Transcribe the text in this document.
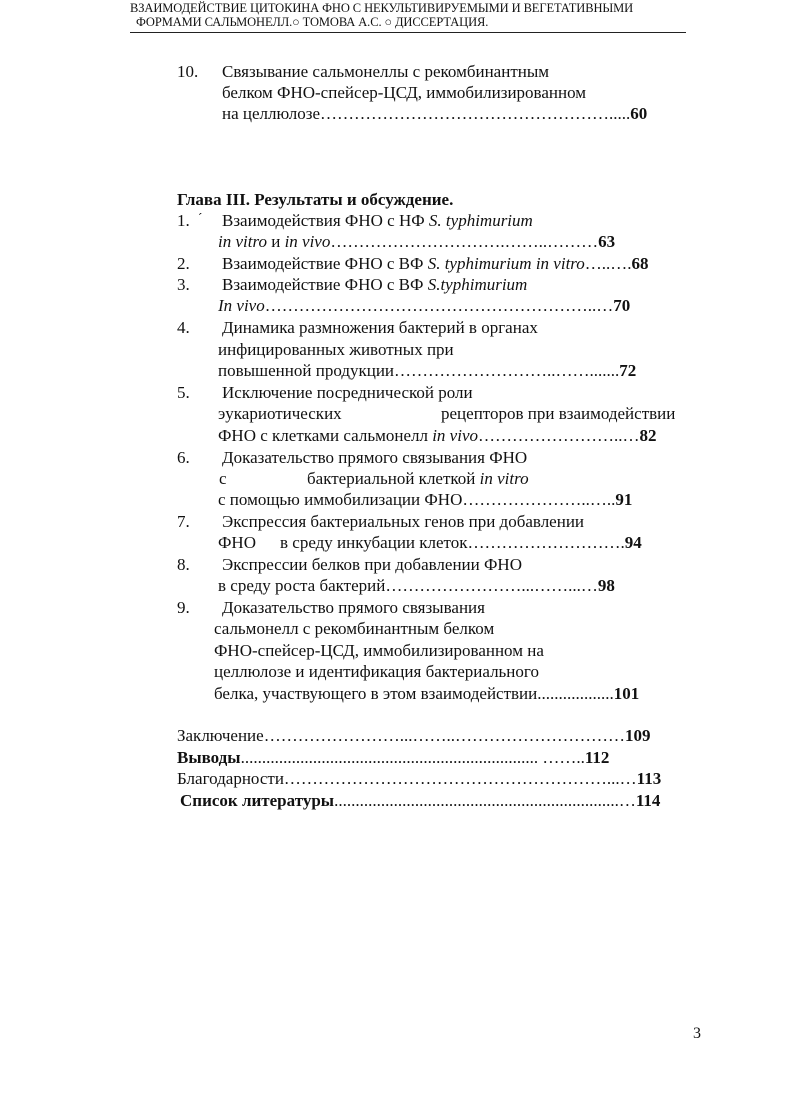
ВЗАИМОДЕЙСТВИЕ ЦИТОКИНА ФНО С НЕКУЛЬТИВИРУЕМЫМИ И ВЕГЕТАТИВНЫМИ
ФОРМАМИ САЛЬМОНЕЛЛ.○ ТОМОВА А.С. ○ ДИССЕРТАЦИЯ.
10. Связывание сальмонеллы с рекомбинантным
белком ФНО-спейсер-ЦСД, иммобилизированном
на целлюлозе…………………………………………….....60
Глава III. Результаты и обсуждение.
1. ˊ Взаимодействия ФНО с НФ S. typhimurium
in vitro и in vivo………………………….……..………63
2. Взаимодействие ФНО с ВФ S. typhimurium in vitro…..….68
3. Взаимодействие ФНО с ВФ S.typhimurium
In vivo…………………………………………………..…70
4. Динамика размножения бактерий в органах
инфицированных животных при
повышенной продукции………………………..…….......72
5. Исключение посреднической роли
эукариотических	рецепторов при взаимодействии
ФНО с клетками сальмонелл in vivo……………………..…82
6. Доказательство прямого связывания ФНО
с	бактериальной клеткой in vitro
с помощью иммобилизации ФНО…………………..…..91
7. Экспрессия бактериальных генов при добавлении
ФНО в среду инкубации клеток……………………….94
8. Экспрессии белков при добавлении ФНО
в среду роста бактерий……………………...……...…98
9. Доказательство прямого связывания
сальмонелл с рекомбинантным белком
ФНО-спейсер-ЦСД, иммобилизированном на
целлюлозе и идентификация бактериального
белка, участвующего в этом взаимодействии..................101
Заключение……………………...……..…………………………109
Выводы...................................................................... ……..112
Благодарности…………………………………………………...…113
Список литературы...................................................................…114
3
